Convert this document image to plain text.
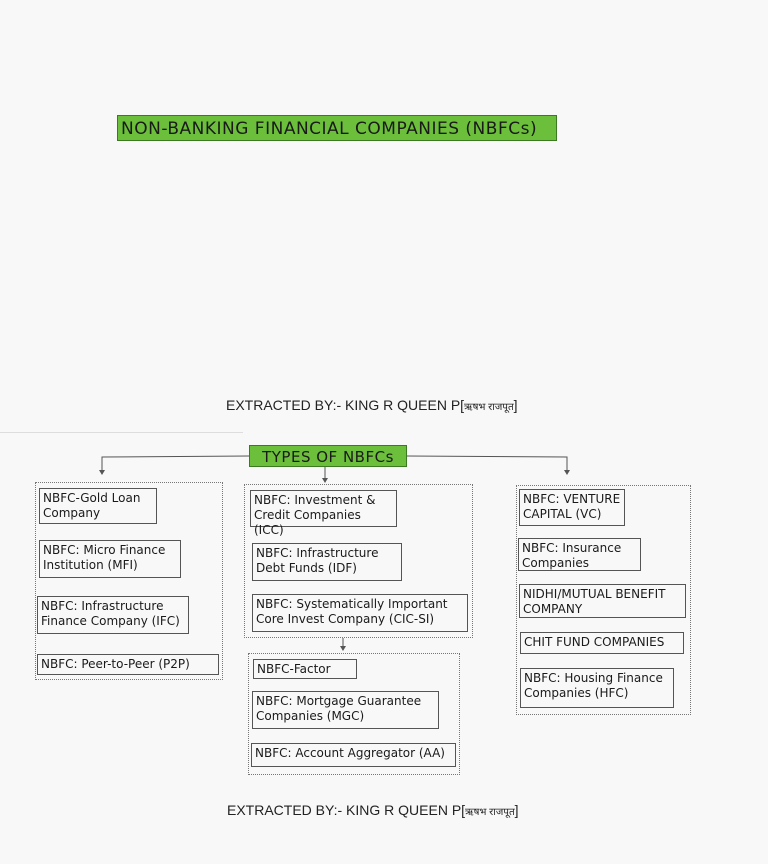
NON-BANKING FINANCIAL COMPANIES (NBFCs)
EXTRACTED BY:- KING R QUEEN P[ऋषभ राजपूत]
TYPES OF NBFCs
NBFC-Gold Loan Company
NBFC: Micro Finance Institution (MFI)
NBFC: Infrastructure Finance Company (IFC)
NBFC: Peer-to-Peer (P2P)
NBFC: Investment & Credit Companies (ICC)
NBFC: Infrastructure Debt Funds (IDF)
NBFC: Systematically Important Core Invest Company (CIC-SI)
NBFC-Factor
NBFC: Mortgage Guarantee Companies (MGC)
NBFC: Account Aggregator (AA)
NBFC: VENTURE CAPITAL (VC)
NBFC: Insurance Companies
NIDHI/MUTUAL BENEFIT COMPANY
CHIT FUND COMPANIES
NBFC: Housing Finance Companies (HFC)
EXTRACTED BY:- KING R QUEEN P[ऋषभ राजपूत]
